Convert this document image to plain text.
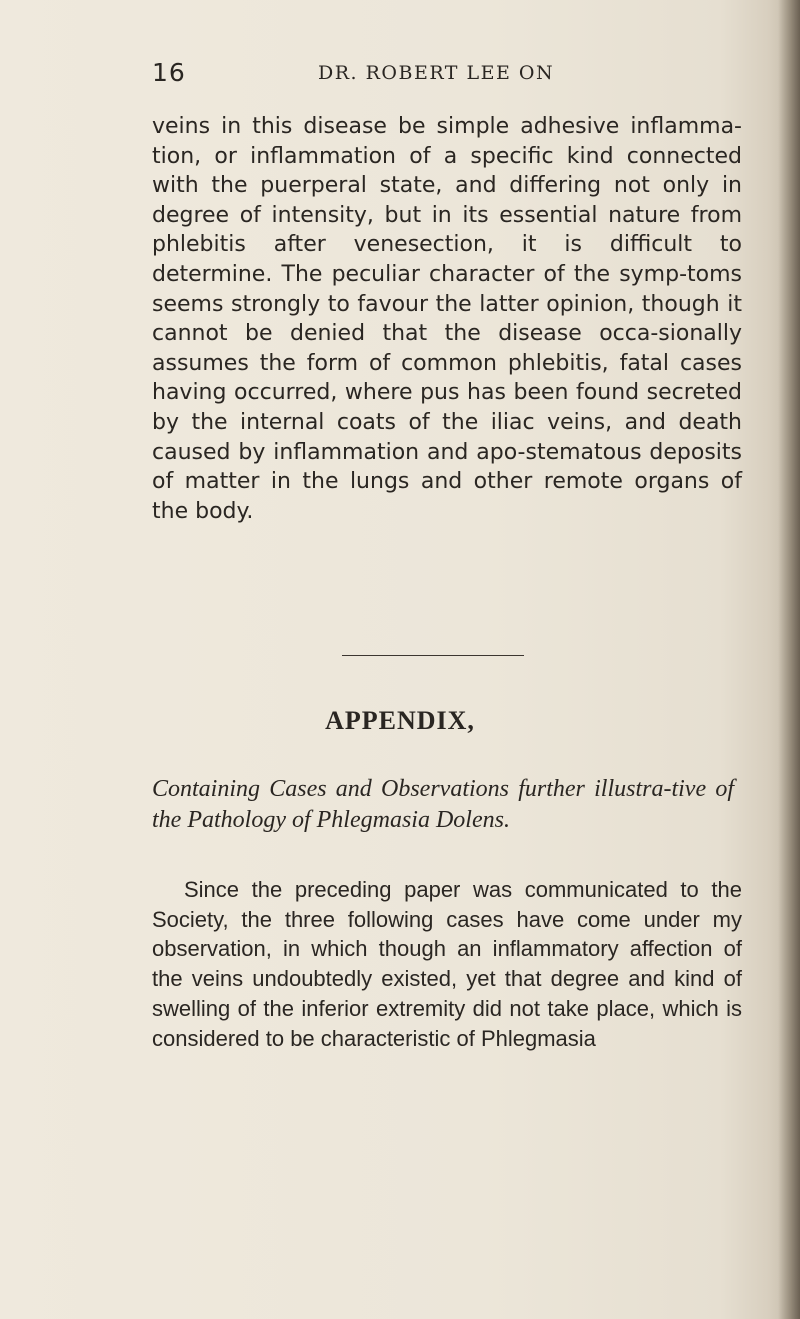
16	DR. ROBERT LEE ON

veins in this disease be simple adhesive inflamma-tion, or inflammation of a specific kind connected with the puerperal state, and differing not only in degree of intensity, but in its essential nature from phlebitis after venesection, it is difficult to determine. The peculiar character of the symp-toms seems strongly to favour the latter opinion, though it cannot be denied that the disease occa-sionally assumes the form of common phlebitis, fatal cases having occurred, where pus has been found secreted by the internal coats of the iliac veins, and death caused by inflammation and apo-stematous deposits of matter in the lungs and other remote organs of the body.

APPENDIX,

Containing Cases and Observations further illustra-tive of the Pathology of Phlegmasia Dolens.

Since the preceding paper was communicated to the Society, the three following cases have come under my observation, in which though an inflammatory affection of the veins undoubtedly existed, yet that degree and kind of swelling of the inferior extremity did not take place, which is considered to be characteristic of Phlegmasia
